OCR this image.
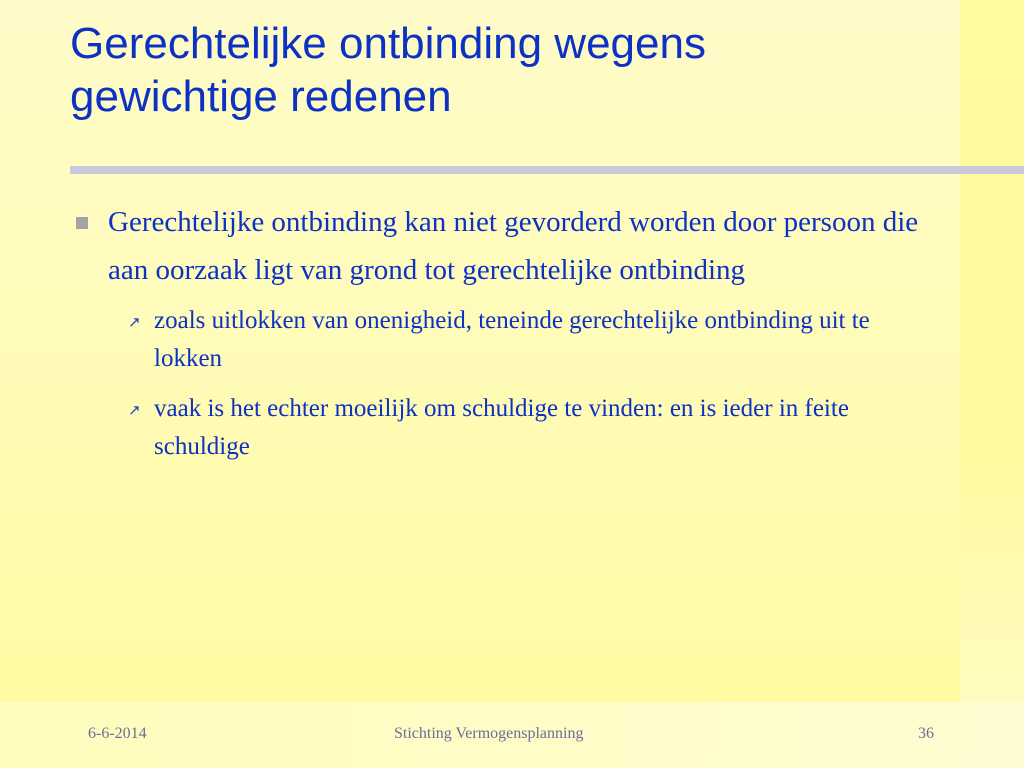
Gerechtelijke ontbinding wegens
gewichtige redenen
Gerechtelijke ontbinding kan niet gevorderd worden door persoon die aan oorzaak ligt van grond tot gerechtelijke ontbinding
↗ zoals uitlokken van onenigheid, teneinde gerechtelijke ontbinding uit te lokken
↗ vaak is het echter moeilijk om schuldige te vinden: en is ieder in feite schuldige
6-6-2014	Stichting Vermogensplanning	36
